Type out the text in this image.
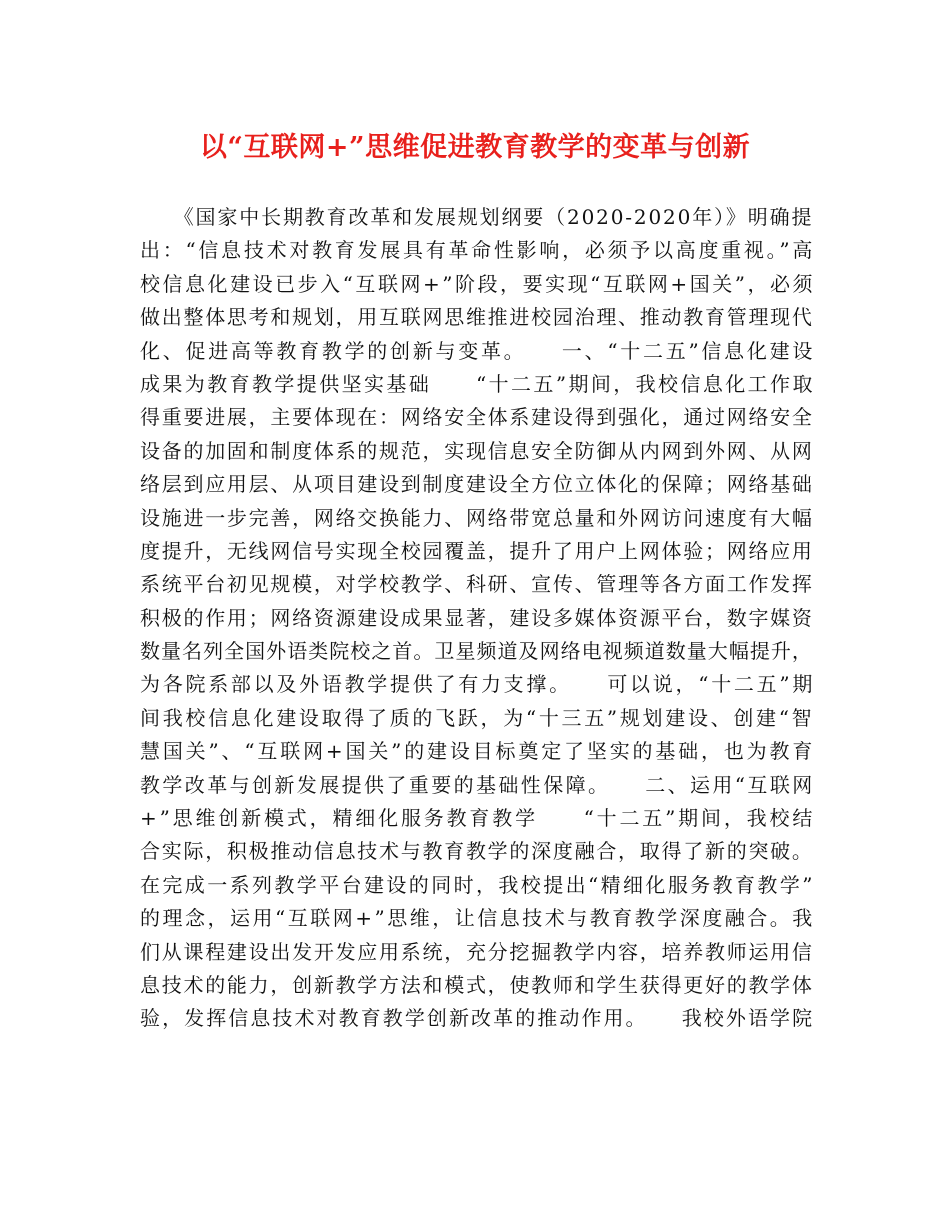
以“互联网+”思维促进教育教学的变革与创新
　　《国家中长期教育改革和发展规划纲要（2020-2020年）》明确提
出：“信息技术对教育发展具有革命性影响，必须予以高度重视。”高
校信息化建设已步入“互联网+”阶段，要实现“互联网+国关”，必须
做出整体思考和规划，用互联网思维推进校园治理、推动教育管理现代
化、促进高等教育教学的创新与变革。　　一、“十二五”信息化建设
成果为教育教学提供坚实基础　　“十二五”期间，我校信息化工作取
得重要进展，主要体现在：网络安全体系建设得到强化，通过网络安全
设备的加固和制度体系的规范，实现信息安全防御从内网到外网、从网
络层到应用层、从项目建设到制度建设全方位立体化的保障；网络基础
设施进一步完善，网络交换能力、网络带宽总量和外网访问速度有大幅
度提升，无线网信号实现全校园覆盖，提升了用户上网体验；网络应用
系统平台初见规模，对学校教学、科研、宣传、管理等各方面工作发挥
积极的作用；网络资源建设成果显著，建设多媒体资源平台，数字媒资
数量名列全国外语类院校之首。卫星频道及网络电视频道数量大幅提升，
为各院系部以及外语教学提供了有力支撑。　　可以说，“十二五”期
间我校信息化建设取得了质的飞跃，为“十三五”规划建设、创建“智
慧国关”、“互联网+国关”的建设目标奠定了坚实的基础，也为教育
教学改革与创新发展提供了重要的基础性保障。　　二、运用“互联网
+”思维创新模式，精细化服务教育教学　　“十二五”期间，我校结
合实际，积极推动信息技术与教育教学的深度融合，取得了新的突破。
在完成一系列教学平台建设的同时，我校提出“精细化服务教育教学”
的理念，运用“互联网+”思维，让信息技术与教育教学深度融合。我
们从课程建设出发开发应用系统，充分挖掘教学内容，培养教师运用信
息技术的能力，创新教学方法和模式，使教师和学生获得更好的教学体
验，发挥信息技术对教育教学创新改革的推动作用。　　我校外语学院
